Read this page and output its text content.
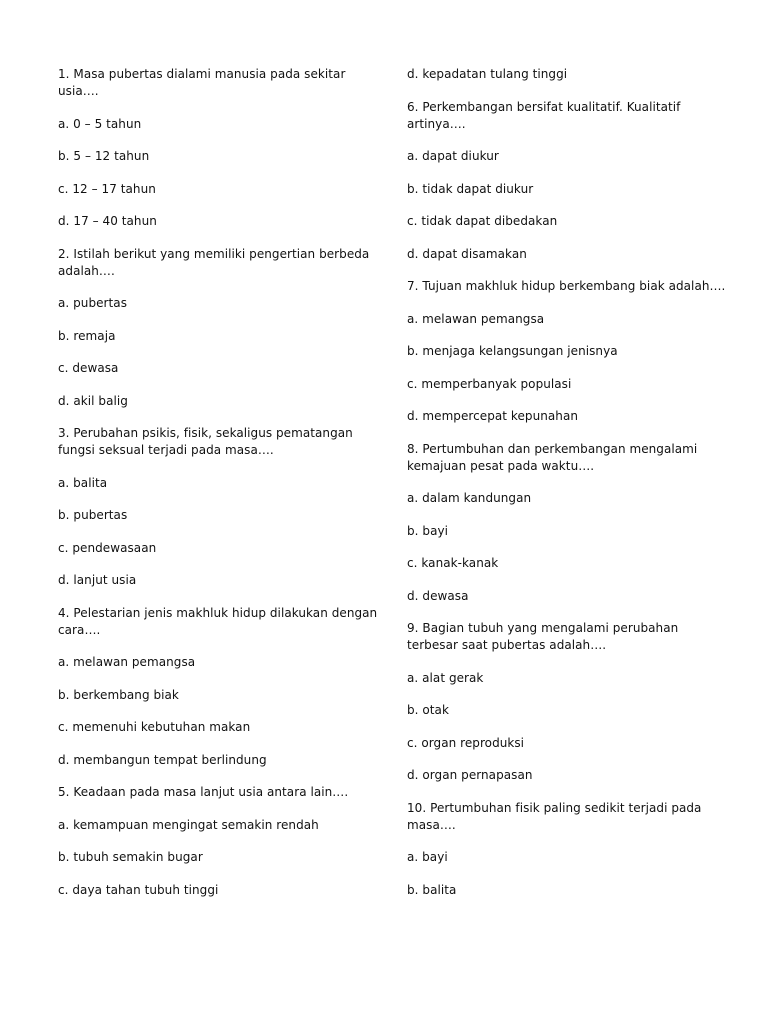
1. Masa pubertas dialami manusia pada sekitar usia….

a. 0 – 5 tahun

b. 5 – 12 tahun

c. 12 – 17 tahun

d. 17 – 40 tahun

2. Istilah berikut yang memiliki pengertian berbeda adalah….

a. pubertas

b. remaja

c. dewasa

d. akil balig

3. Perubahan psikis, fisik, sekaligus pematangan fungsi seksual terjadi pada masa….

a. balita

b. pubertas

c. pendewasaan

d. lanjut usia

4. Pelestarian jenis makhluk hidup dilakukan dengan cara….

a. melawan pemangsa

b. berkembang biak

c. memenuhi kebutuhan makan

d. membangun tempat berlindung

5. Keadaan pada masa lanjut usia antara lain….

a. kemampuan mengingat semakin rendah

b. tubuh semakin bugar

c. daya tahan tubuh tinggi

d. kepadatan tulang tinggi

6. Perkembangan bersifat kualitatif. Kualitatif artinya….

a. dapat diukur

b. tidak dapat diukur

c. tidak dapat dibedakan

d. dapat disamakan

7. Tujuan makhluk hidup berkembang biak adalah….

a. melawan pemangsa

b. menjaga kelangsungan jenisnya

c. memperbanyak populasi

d. mempercepat kepunahan

8. Pertumbuhan dan perkembangan mengalami kemajuan pesat pada waktu….

a. dalam kandungan

b. bayi

c. kanak-kanak

d. dewasa

9. Bagian tubuh yang mengalami perubahan terbesar saat pubertas adalah….

a. alat gerak

b. otak

c. organ reproduksi

d. organ pernapasan

10. Pertumbuhan fisik paling sedikit terjadi pada masa….

a. bayi

b. balita
